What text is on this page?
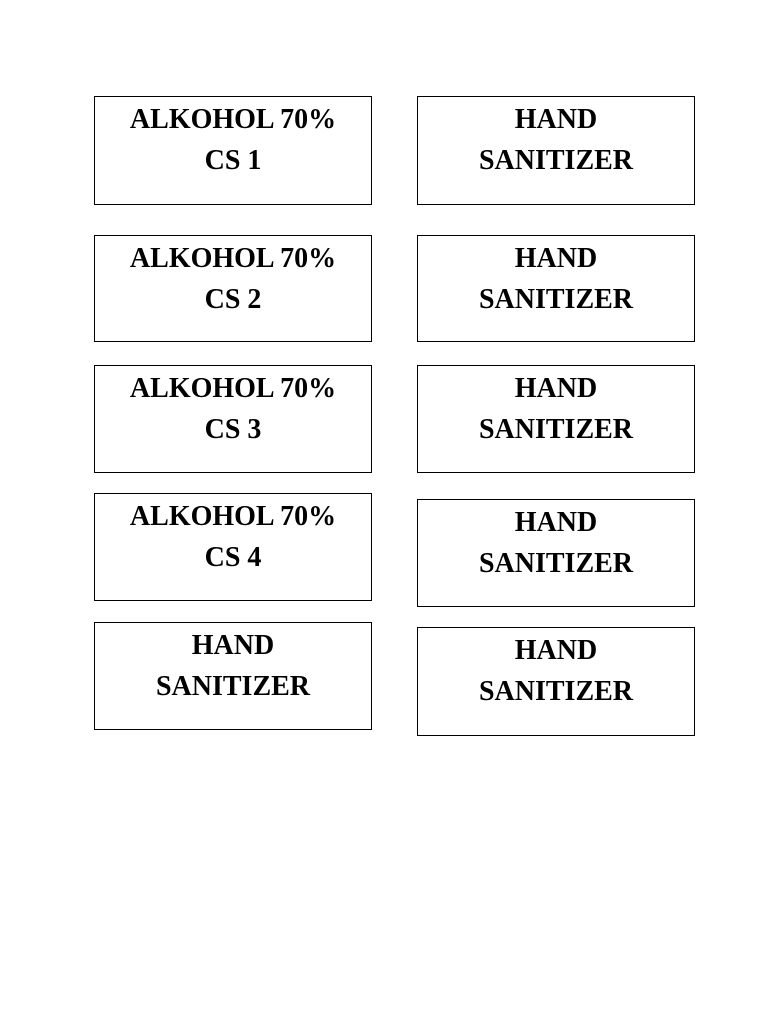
ALKOHOL 70%
CS 1
ALKOHOL 70%
CS 2
ALKOHOL 70%
CS 3
ALKOHOL 70%
CS 4
HAND
SANITIZER
HAND
SANITIZER
HAND
SANITIZER
HAND
SANITIZER
HAND
SANITIZER
HAND
SANITIZER
